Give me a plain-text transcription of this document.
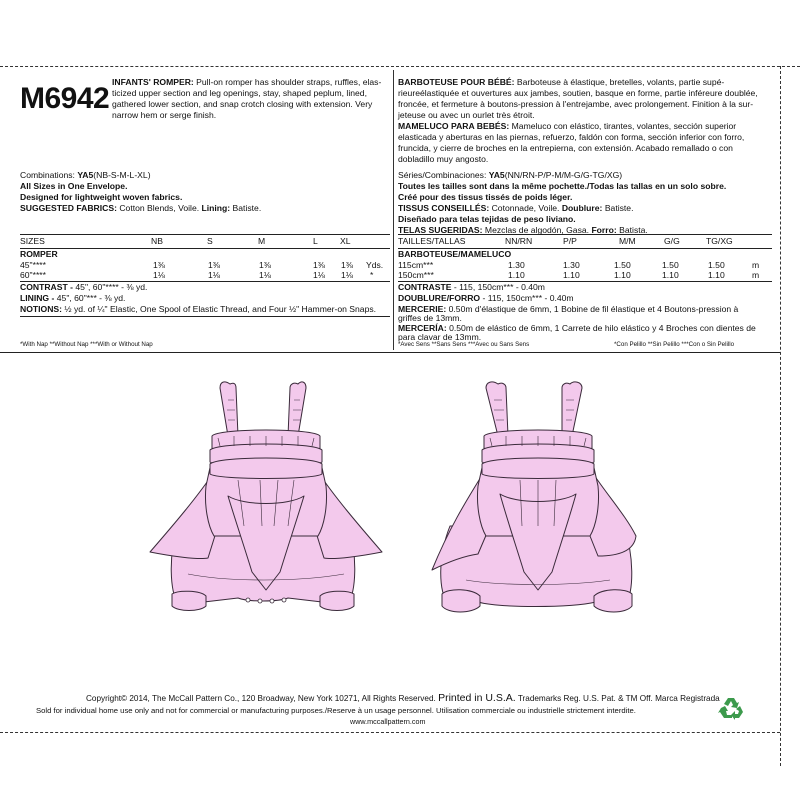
M6942 INFANTS' ROMPER: Pull-on romper has shoulder straps, ruffles, elas-
ticized upper section and leg openings, stay, shaped peplum, lined,
gathered lower section, and snap crotch closing with extension. Very
narrow hem or serge finish.
Combinations: YA5(NB-S-M-L-XL)
All Sizes in One Envelope.
Designed for lightweight woven fabrics.
SUGGESTED FABRICS: Cotton Blends, Voile. Lining: Batiste.
SIZES	NB	S	M	L	XL
ROMPER
45"****	1⅜	1⅜	1⅜	1⅜ 1⅜ Yds.
60"****	1⅛	1⅛	1⅛	1⅛ 1⅛ *
CONTRAST - 45", 60"**** - ⅜ yd.
LINING - 45", 60"*** - ⅜ yd.
NOTIONS: ½ yd. of ¼" Elastic, One Spool of Elastic Thread, and Four ½" Hammer-on Snaps.
*With Nap **Without Nap ***With or Without Nap
BARBOTEUSE POUR BÉBÉ: Barboteuse à élastique, bretelles, volants, partie supé-
rieureélastiquée et ouvertures aux jambes, soutien, basque en forme, partie inféreure doublée,
froncée, et fermeture à boutons-pression à l'entrejambe, avec prolongement. Finition à la sur-
jeteuse ou avec un ourlet très étroit.
MAMELUCO PARA BEBÉS: Mameluco con elástico, tirantes, volantes, sección superior
elasticada y aberturas en las piernas, refuerzo, faldón con forma, sección inferior con forro,
fruncida, y cierre de broches en la entrepierna, con extensión. Acabado remallado o con
dobladillo muy angosto.
Séries/Combinaciones: YA5(NN/RN-P/P-M/M-G/G-TG/XG)
Toutes les tailles sont dans la même pochette./Todas las tallas en un solo sobre.
Créé pour des tissus tissés de poids léger.
TISSUS CONSEILLÉS: Cotonnade, Voile. Doublure: Batiste.
Diseñado para telas tejidas de peso liviano.
TELAS SUGERIDAS: Mezclas de algodón, Gasa. Forro: Batista.
TAILLES/TALLAS	NN/RN	P/P	M/M	G/G	TG/XG
BARBOTEUSE/MAMELUCO
115cm***	1.30	1.30	1.50	1.50	1.50	m
150cm***	1.10	1.10	1.10	1.10	1.10	m
CONTRASTE - 115, 150cm*** - 0.40m
DOUBLURE/FORRO - 115, 150cm*** - 0.40m
MERCERIE: 0.50m d'élastique de 6mm, 1 Bobine de fil élastique et 4 Boutons-pression à
griffes de 13mm.
MERCERÍA: 0.50m de elástico de 6mm, 1 Carrete de hilo elástico y 4 Broches con dientes de
para clavar de 13mm.
*Avec Sens **Sans Sens ***Avec ou Sans Sens	*Con Pelillo **Sin Pelillo ***Con o Sin Pelillo
Copyright© 2014, The McCall Pattern Co., 120 Broadway, New York 10271, All Rights Reserved. Printed in U.S.A. Trademarks Reg. U.S. Pat. & TM Off. Marca Registrada
Sold for individual home use only and not for commercial or manufacturing purposes./Reserve à un usage personnel. Utilisation commerciale ou industrielle strictement interdite.
www.mccallpattern.com
